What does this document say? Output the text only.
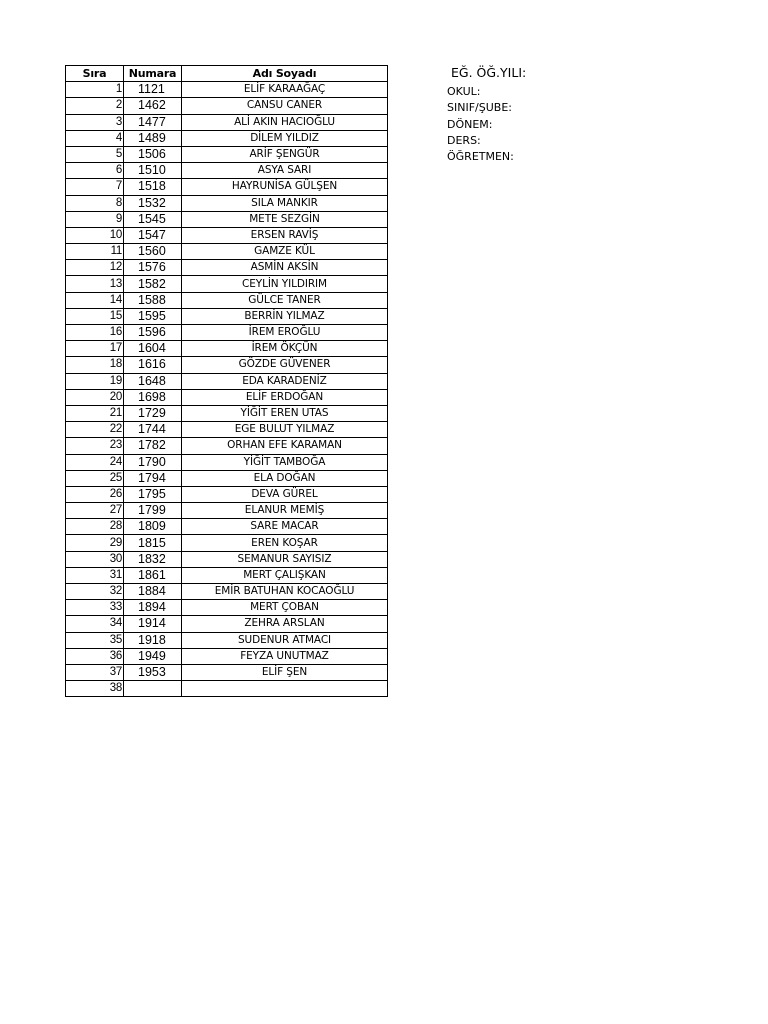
Sıra	Numara	Adı Soyadı
1	1121	ELİF KARAAĞAÇ
2	1462	CANSU CANER
3	1477	ALİ AKIN HACIOĞLU
4	1489	DİLEM YILDIZ
5	1506	ARİF ŞENGÜR
6	1510	ASYA SARI
7	1518	HAYRUNİSA GÜLŞEN
8	1532	SILA MANKIR
9	1545	METE SEZGİN
10	1547	ERSEN RAVİŞ
11	1560	GAMZE KÜL
12	1576	ASMİN AKSİN
13	1582	CEYLİN YILDIRIM
14	1588	GÜLCE TANER
15	1595	BERRİN YILMAZ
16	1596	İREM EROĞLU
17	1604	İREM ÖKÇÜN
18	1616	GÖZDE GÜVENER
19	1648	EDA KARADENİZ
20	1698	ELİF ERDOĞAN
21	1729	YİĞİT EREN UTAS
22	1744	EGE BULUT YILMAZ
23	1782	ORHAN EFE KARAMAN
24	1790	YİĞİT TAMBOĞA
25	1794	ELA DOĞAN
26	1795	DEVA GÜREL
27	1799	ELANUR MEMİŞ
28	1809	SARE MACAR
29	1815	EREN KOŞAR
30	1832	SEMANUR SAYISIZ
31	1861	MERT ÇALIŞKAN
32	1884	EMİR BATUHAN KOCAOĞLU
33	1894	MERT ÇOBAN
34	1914	ZEHRA ARSLAN
35	1918	SUDENUR ATMACI
36	1949	FEYZA UNUTMAZ
37	1953	ELİF ŞEN
38		
EĞ. ÖĞ.YILI:
OKUL:
SINIF/ŞUBE:
DÖNEM:
DERS:
ÖĞRETMEN:
